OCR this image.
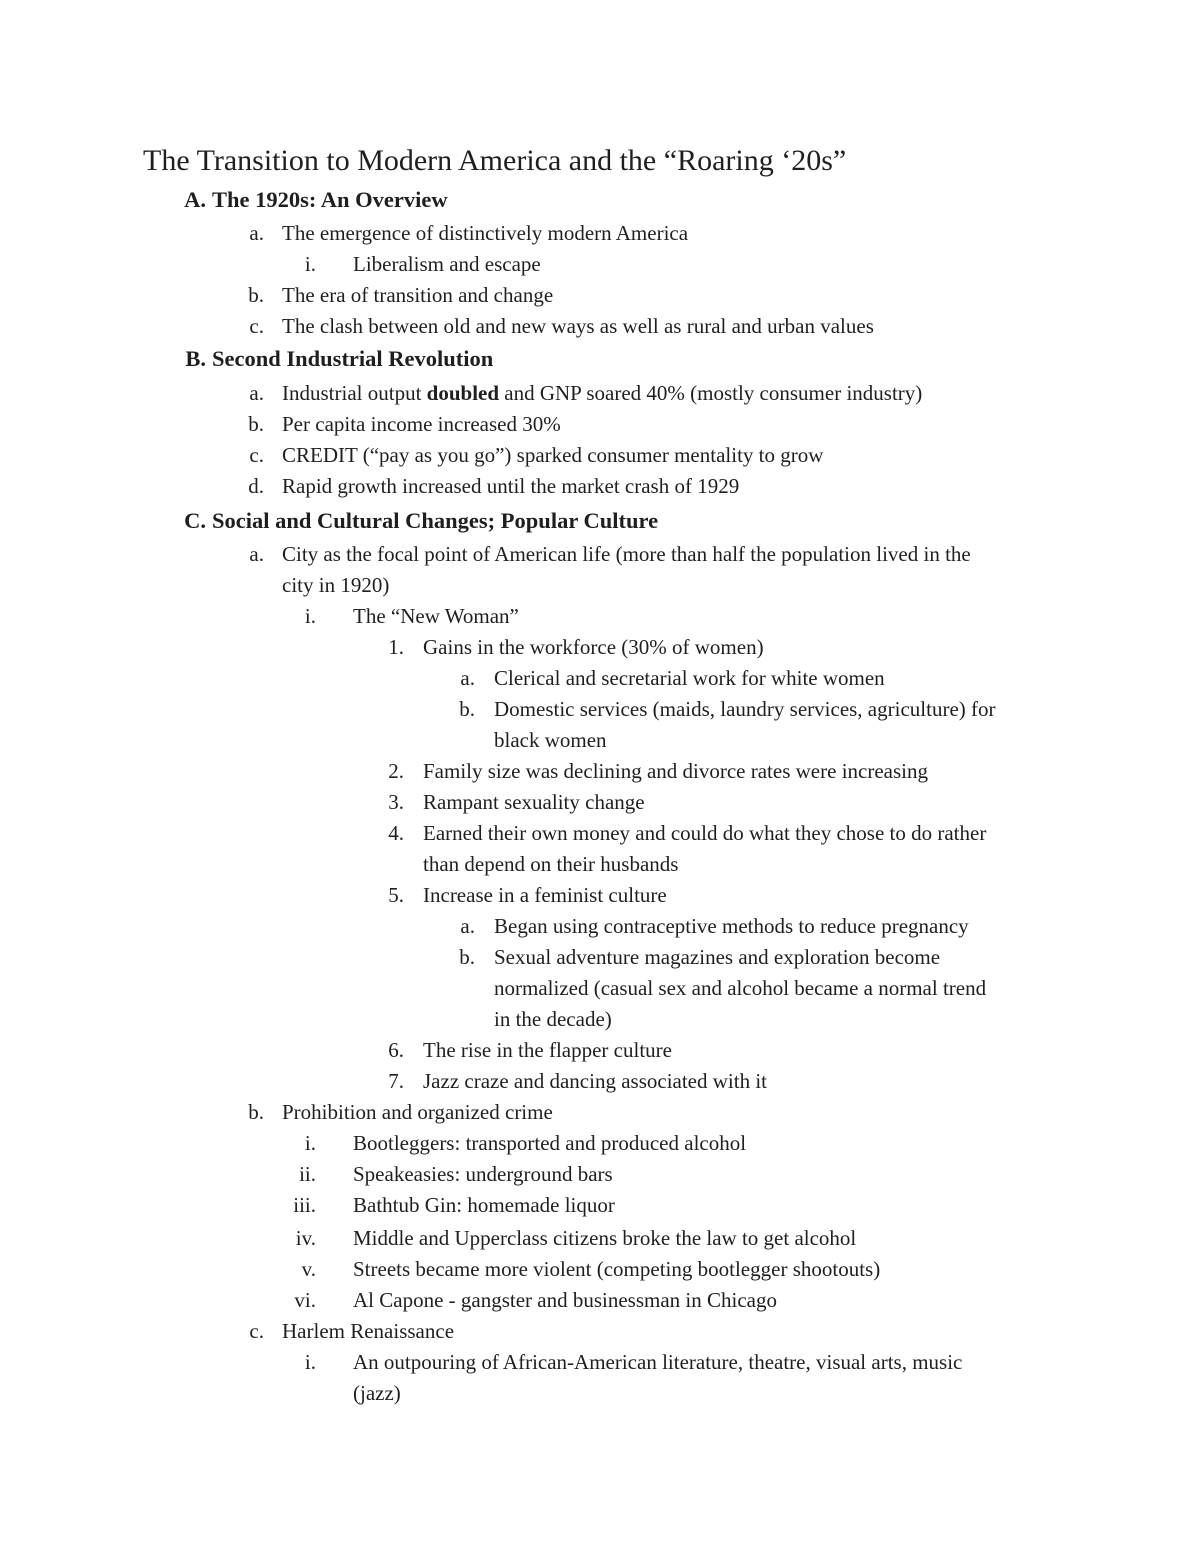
The Transition to Modern America and the “Roaring ‘20s”
A. The 1920s: An Overview
a. The emergence of distinctively modern America
i. Liberalism and escape
b. The era of transition and change
c. The clash between old and new ways as well as rural and urban values
B. Second Industrial Revolution
a. Industrial output doubled and GNP soared 40% (mostly consumer industry)
b. Per capita income increased 30%
c. CREDIT (“pay as you go”) sparked consumer mentality to grow
d. Rapid growth increased until the market crash of 1929
C. Social and Cultural Changes; Popular Culture
a. City as the focal point of American life (more than half the population lived in the
city in 1920)
i. The “New Woman”
1. Gains in the workforce (30% of women)
a. Clerical and secretarial work for white women
b. Domestic services (maids, laundry services, agriculture) for
black women
2. Family size was declining and divorce rates were increasing
3. Rampant sexuality change
4. Earned their own money and could do what they chose to do rather
than depend on their husbands
5. Increase in a feminist culture
a. Began using contraceptive methods to reduce pregnancy
b. Sexual adventure magazines and exploration become
normalized (casual sex and alcohol became a normal trend
in the decade)
6. The rise in the flapper culture
7. Jazz craze and dancing associated with it
b. Prohibition and organized crime
i. Bootleggers: transported and produced alcohol
ii. Speakeasies: underground bars
iii. Bathtub Gin: homemade liquor
iv. Middle and Upperclass citizens broke the law to get alcohol
v. Streets became more violent (competing bootlegger shootouts)
vi. Al Capone - gangster and businessman in Chicago
c. Harlem Renaissance
i. An outpouring of African-American literature, theatre, visual arts, music
(jazz)
